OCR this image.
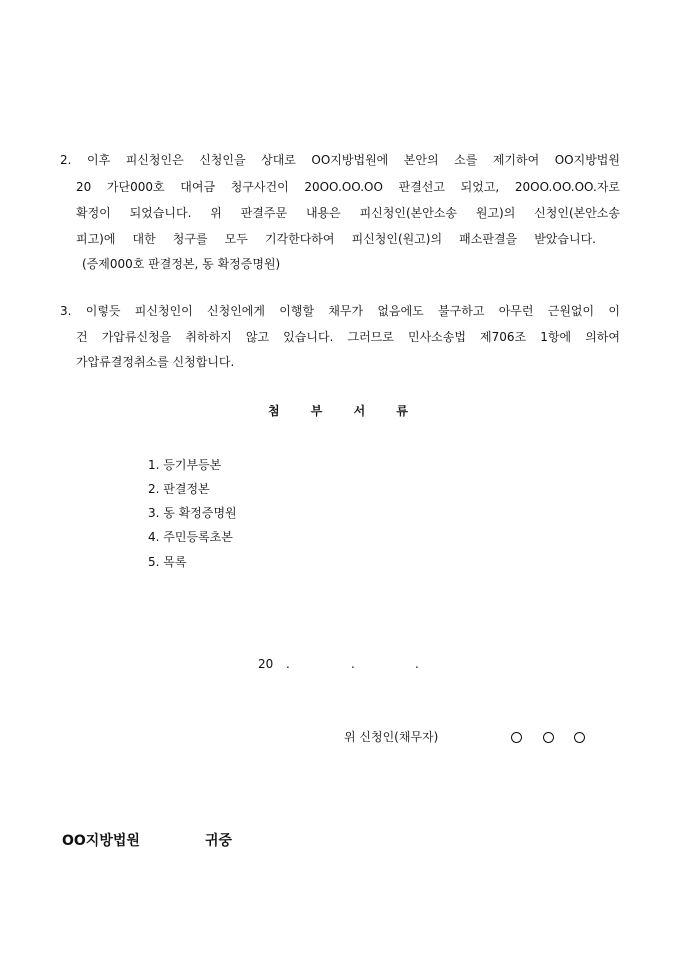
2. 이후 피신청인은 신청인을 상대로 OO지방법원에 본안의 소를 제기하여 OO지방법원
20 가단000호 대여금 청구사건이 20OO.OO.OO 판결선고 되었고, 20OO.OO.OO.자로
확정이 되었습니다. 위 판결주문 내용은 피신청인(본안소송 원고)의 신청인(본안소송
피고)에 대한 청구를 모두 기각한다하여 피신청인(원고)의 패소판결을 받았습니다.
(증제000호 판결정본, 동 확정증명원)
3. 이렇듯 피신청인이 신청인에게 이행할 채무가 없음에도 불구하고 아무런 근원없이 이
건 가압류신청을 취하하지 않고 있습니다. 그러므로 민사소송법 제706조 1항에 의하여
가압류결정취소를 신청합니다.
첨 부 서 류
1. 등기부등본
2. 판결정본
3. 동 확정증명원
4. 주민등록초본
5. 목록
20 .	.	.
위 신청인(채무자)
OO지방법원	귀중
